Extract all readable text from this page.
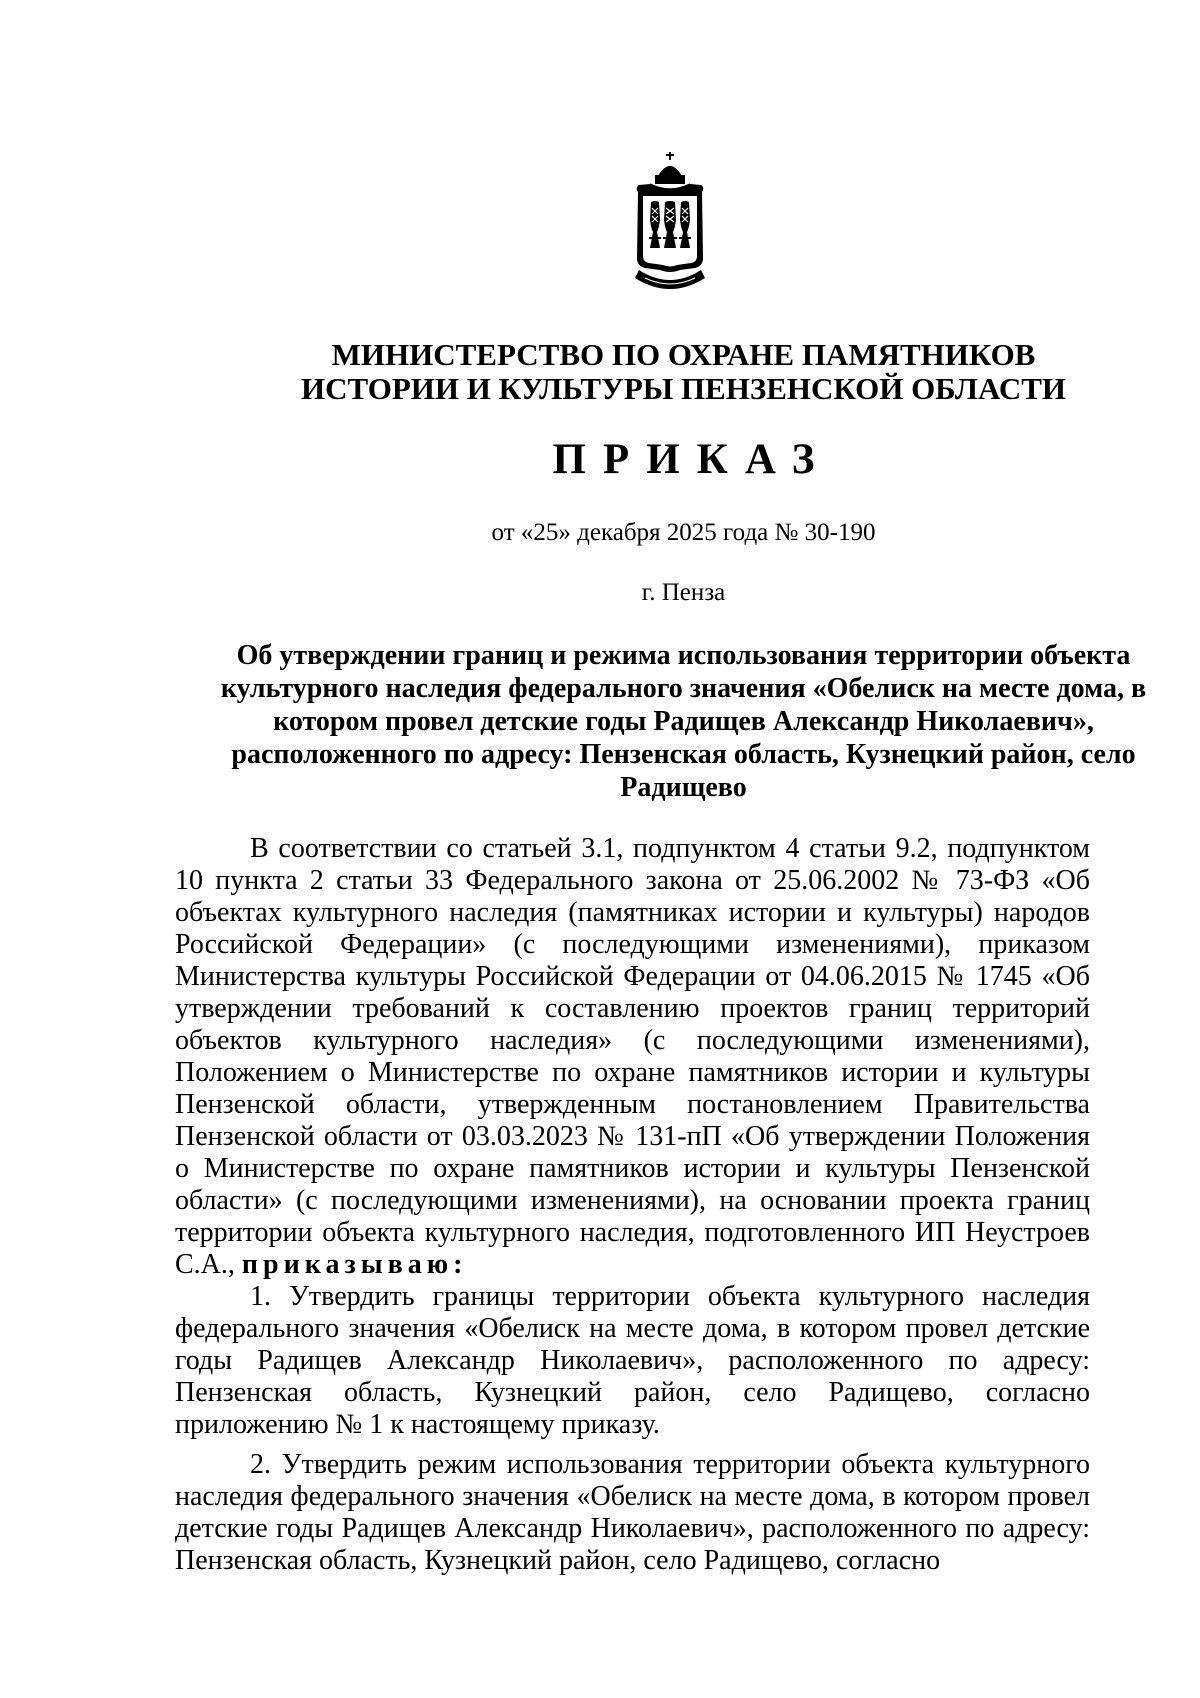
МИНИСТЕРСТВО ПО ОХРАНЕ ПАМЯТНИКОВ
ИСТОРИИ И КУЛЬТУРЫ ПЕНЗЕНСКОЙ ОБЛАСТИ
ПРИКАЗ
от «25» декабря 2025 года № 30-190
г. Пенза
Об утверждении границ и режима использования территории объекта культурного наследия федерального значения «Обелиск на месте дома, в котором провел детские годы Радищев Александр Николаевич», расположенного по адресу: Пензенская область, Кузнецкий район, село Радищево

В соответствии со статьей 3.1, подпунктом 4 статьи 9.2, подпунктом 10 пункта 2 статьи 33 Федерального закона от 25.06.2002 № 73-ФЗ «Об объектах культурного наследия (памятниках истории и культуры) народов Российской Федерации» (с последующими изменениями), приказом Министерства культуры Российской Федерации от 04.06.2015 № 1745 «Об утверждении требований к составлению проектов границ территорий объектов культурного наследия» (с последующими изменениями), Положением о Министерстве по охране памятников истории и культуры Пензенской области, утвержденным постановлением Правительства Пензенской области от 03.03.2023 № 131-пП «Об утверждении Положения о Министерстве по охране памятников истории и культуры Пензенской области» (с последующими изменениями), на основании проекта границ территории объекта культурного наследия, подготовленного ИП Неустроев С.А., приказываю:

1. Утвердить границы территории объекта культурного наследия федерального значения «Обелиск на месте дома, в котором провел детские годы Радищев Александр Николаевич», расположенного по адресу: Пензенская область, Кузнецкий район, село Радищево, согласно приложению № 1 к настоящему приказу.

2. Утвердить режим использования территории объекта культурного наследия федерального значения «Обелиск на месте дома, в котором провел детские годы Радищев Александр Николаевич», расположенного по адресу: Пензенская область, Кузнецкий район, село Радищево, согласно
